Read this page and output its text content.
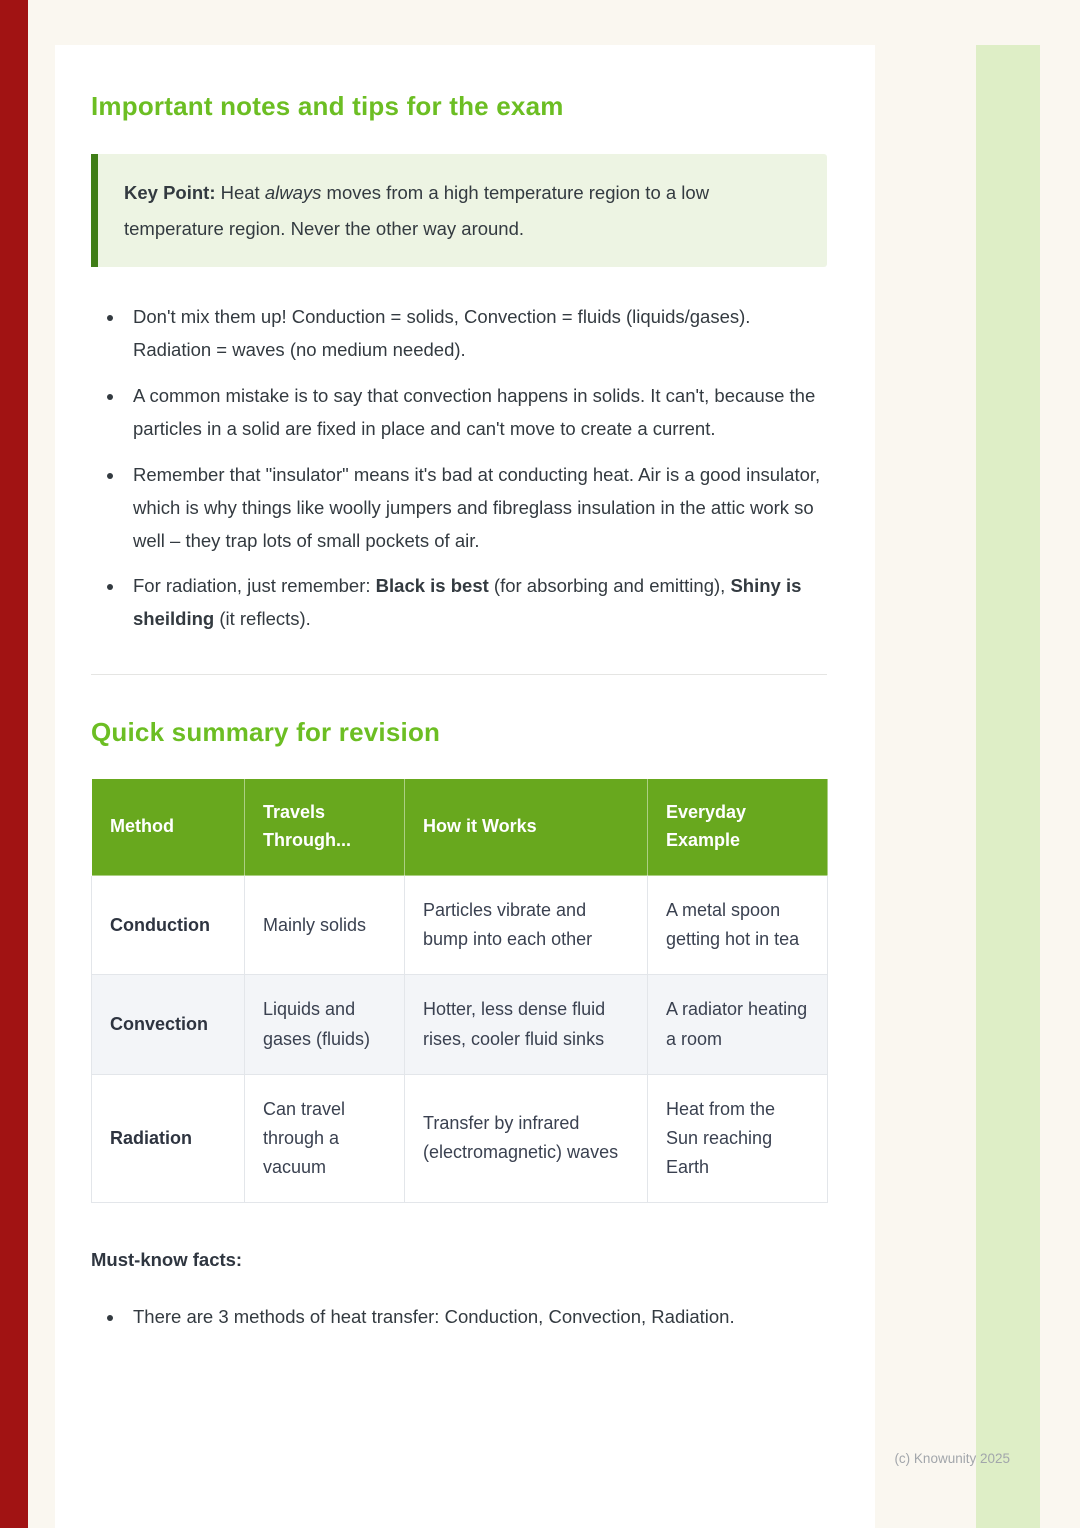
Important notes and tips for the exam

Key Point: Heat always moves from a high temperature region to a low temperature region. Never the other way around.

• Don't mix them up! Conduction = solids, Convection = fluids (liquids/gases). Radiation = waves (no medium needed).
• A common mistake is to say that convection happens in solids. It can't, because the particles in a solid are fixed in place and can't move to create a current.
• Remember that "insulator" means it's bad at conducting heat. Air is a good insulator, which is why things like woolly jumpers and fibreglass insulation in the attic work so well – they trap lots of small pockets of air.
• For radiation, just remember: Black is best (for absorbing and emitting), Shiny is sheilding (it reflects).
Quick summary for revision
Method	Travels Through...	How it Works	Everyday Example
Conduction	Mainly solids	Particles vibrate and bump into each other	A metal spoon getting hot in tea
Convection	Liquids and gases (fluids)	Hotter, less dense fluid rises, cooler fluid sinks	A radiator heating a room
Radiation	Can travel through a vacuum	Transfer by infrared (electromagnetic) waves	Heat from the Sun reaching Earth

Must-know facts:

• There are 3 methods of heat transfer: Conduction, Convection, Radiation.
(c) Knowunity 2025
